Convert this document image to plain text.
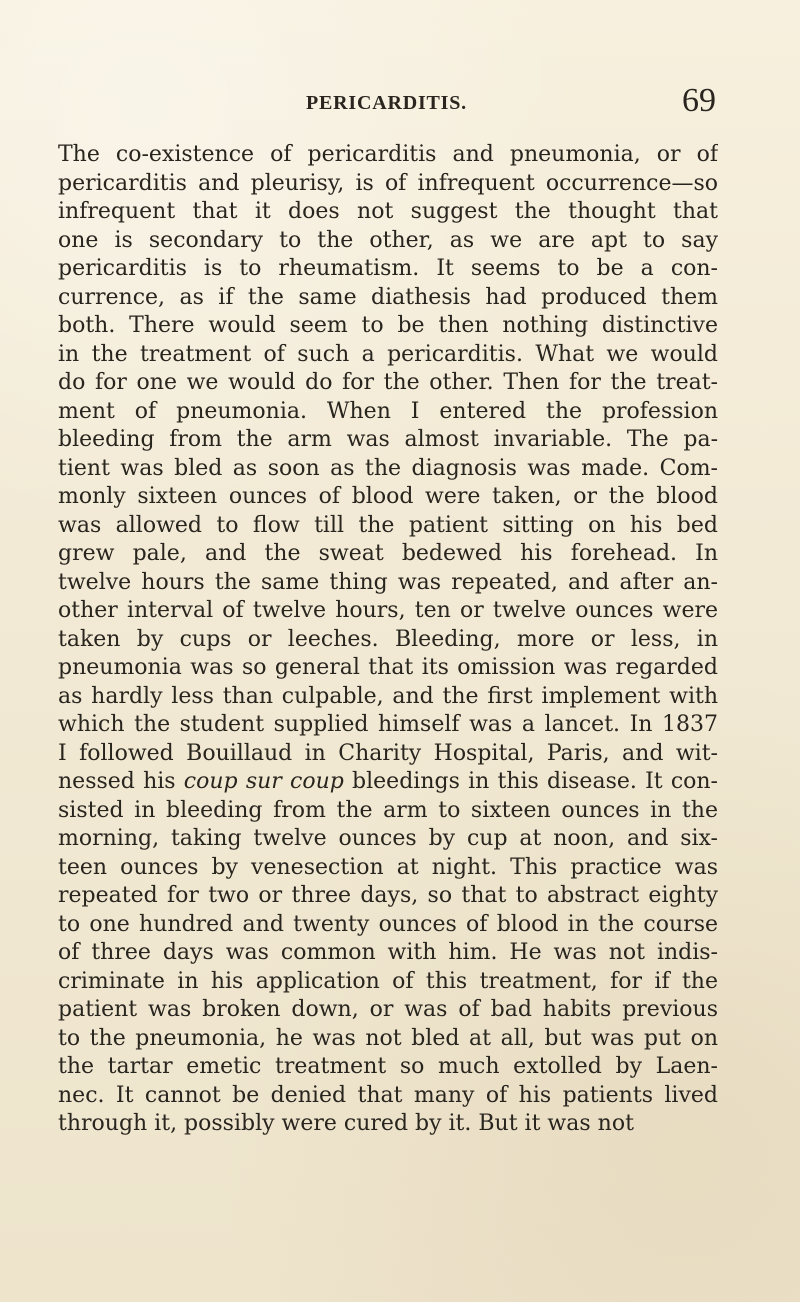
PERICARDITIS.	69
The co-existence of pericarditis and pneumonia, or of
pericarditis and pleurisy, is of infrequent occurrence—so
infrequent that it does not suggest the thought that
one is secondary to the other, as we are apt to say
pericarditis is to rheumatism. It seems to be a con-
currence, as if the same diathesis had produced them
both. There would seem to be then nothing distinctive
in the treatment of such a pericarditis. What we would
do for one we would do for the other. Then for the treat-
ment of pneumonia. When I entered the profession
bleeding from the arm was almost invariable. The pa-
tient was bled as soon as the diagnosis was made. Com-
monly sixteen ounces of blood were taken, or the blood
was allowed to flow till the patient sitting on his bed
grew pale, and the sweat bedewed his forehead. In
twelve hours the same thing was repeated, and after an-
other interval of twelve hours, ten or twelve ounces were
taken by cups or leeches. Bleeding, more or less, in
pneumonia was so general that its omission was regarded
as hardly less than culpable, and the first implement with
which the student supplied himself was a lancet. In 1837
I followed Bouillaud in Charity Hospital, Paris, and wit-
nessed his coup sur coup bleedings in this disease. It con-
sisted in bleeding from the arm to sixteen ounces in the
morning, taking twelve ounces by cup at noon, and six-
teen ounces by venesection at night. This practice was
repeated for two or three days, so that to abstract eighty
to one hundred and twenty ounces of blood in the course
of three days was common with him. He was not indis-
criminate in his application of this treatment, for if the
patient was broken down, or was of bad habits previous
to the pneumonia, he was not bled at all, but was put on
the tartar emetic treatment so much extolled by Laen-
nec. It cannot be denied that many of his patients lived
through it, possibly were cured by it. But it was not
